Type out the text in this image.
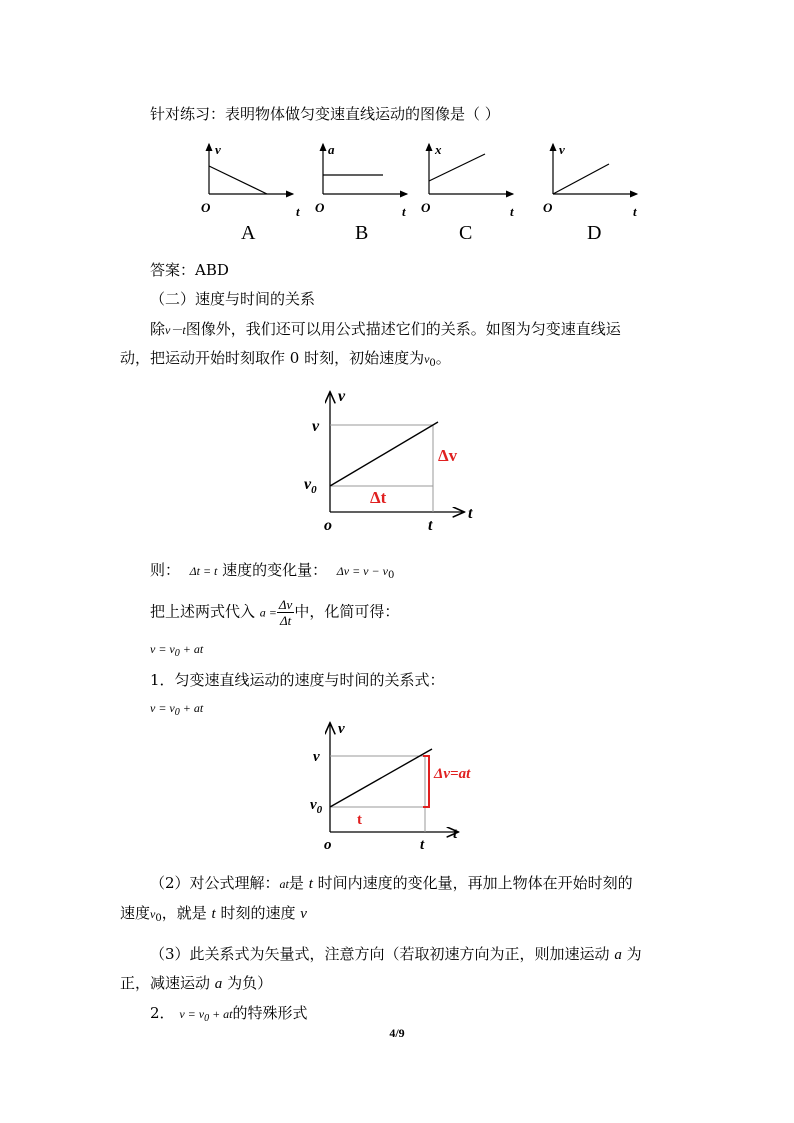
针对练习：表明物体做匀变速直线运动的图像是（ ）
v
O	t
A
a
O	t
B
x
O	t
C
v
O	t
D
答案：ABD
（二）速度与时间的关系
除v－t图像外，我们还可以用公式描述它们的关系。如图为匀变速直线运
动，把运动开始时刻取作 0 时刻，初始速度为$v_0$。
v
v
$v_0$
o	t
t
Δv
Δt
则： Δt = t 速度的变化量： $\Delta v = v - v_0$
把上述两式代入 $a = \frac{\Delta v}{\Delta t}$ 中，化简可得：
$v = v_0$ + at
1．匀变速直线运动的速度与时间的关系式：
$v = v_0$ + at
v
v
$v_0$
o	t
t
Δv=at
t
（2）对公式理解：at是 t 时间内速度的变化量，再加上物体在开始时刻的
速度$v_0$，就是 t 时刻的速度 v
（3）此关系式为矢量式，注意方向（若取初速方向为正，则加速运动 a 为
正，减速运动 a 为负）
2． $v = v_0$ + at的特殊形式
4/9
